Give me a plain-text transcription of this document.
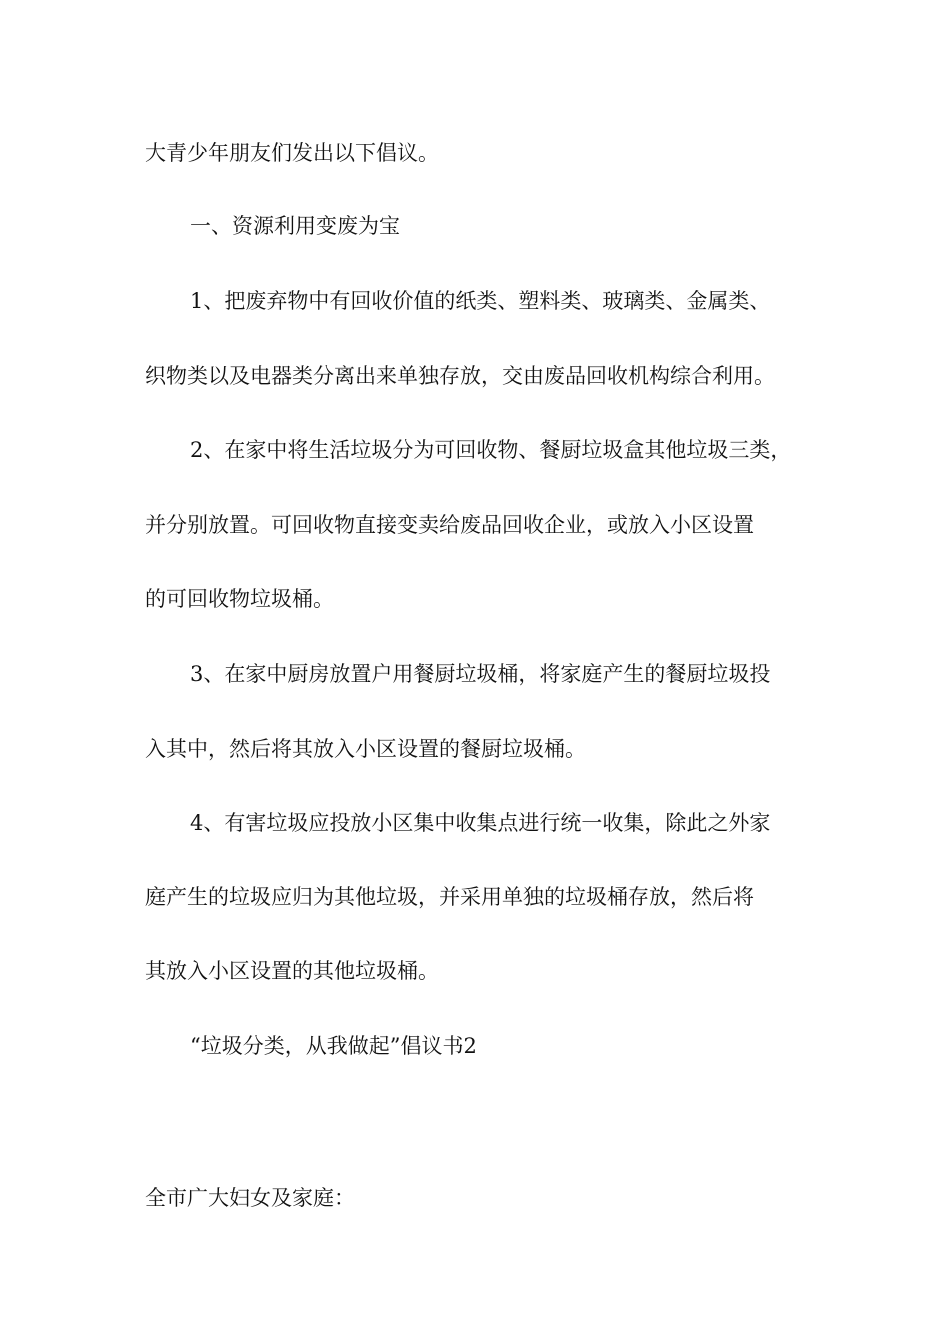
大青少年朋友们发出以下倡议。
一、资源利用变废为宝
1、把废弃物中有回收价值的纸类、塑料类、玻璃类、金属类、
织物类以及电器类分离出来单独存放，交由废品回收机构综合利用。
2、在家中将生活垃圾分为可回收物、餐厨垃圾盒其他垃圾三类，
并分别放置。可回收物直接变卖给废品回收企业，或放入小区设置
的可回收物垃圾桶。
3、在家中厨房放置户用餐厨垃圾桶，将家庭产生的餐厨垃圾投
入其中，然后将其放入小区设置的餐厨垃圾桶。
4、有害垃圾应投放小区集中收集点进行统一收集，除此之外家
庭产生的垃圾应归为其他垃圾，并采用单独的垃圾桶存放，然后将
其放入小区设置的其他垃圾桶。
“垃圾分类，从我做起”倡议书2
全市广大妇女及家庭：
